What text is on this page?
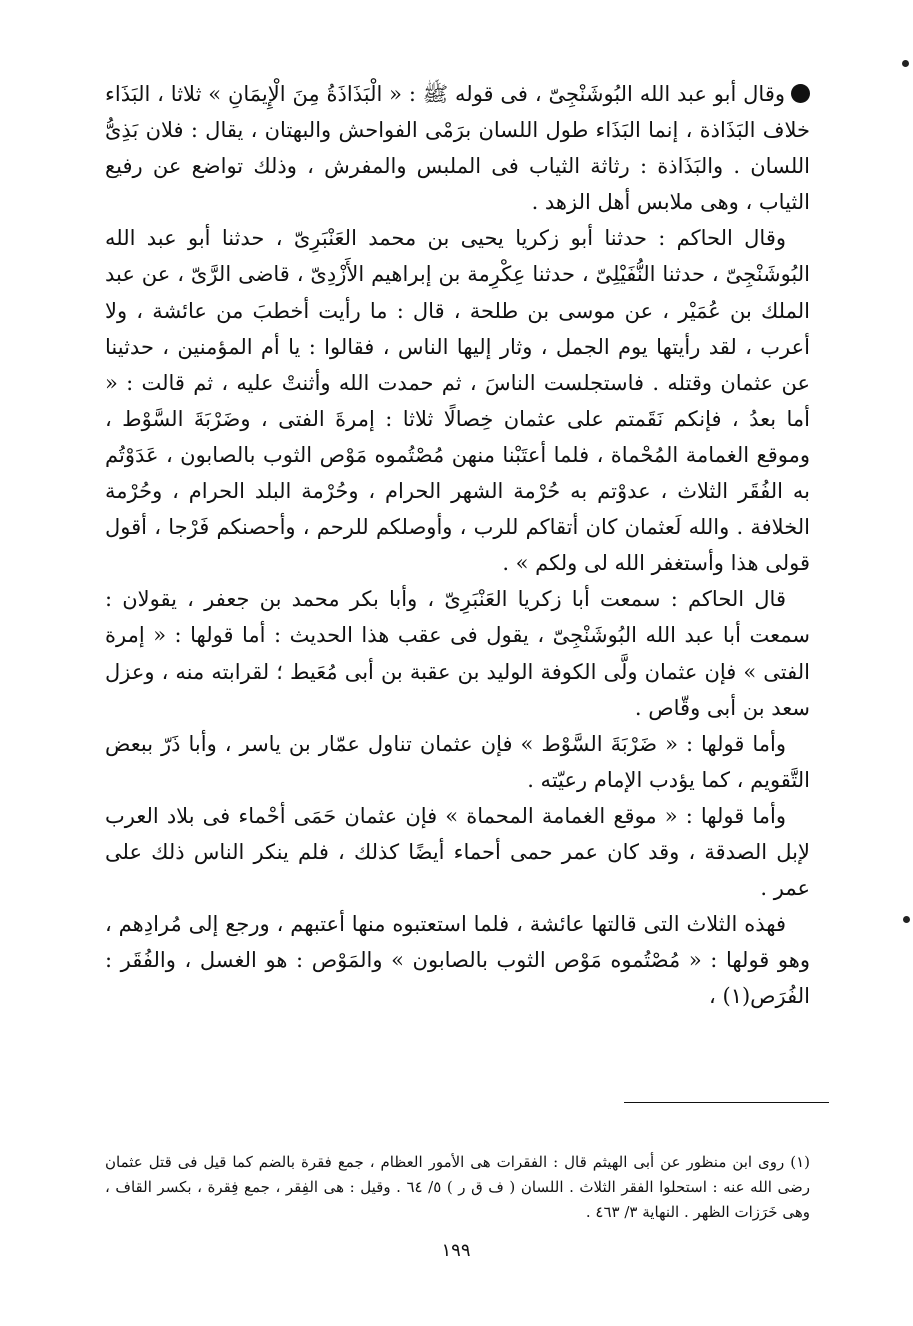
وقال أبو عبد الله البُوشَنْجِىّ ، فى قوله ﷺ : « الْبَذَاذَةُ مِنَ الْإِيمَانِ » ثلاثا ، البَذَاء خلاف البَذَاذة ، إنما البَذَاء طول اللسان برَمْى الفواحش والبهتان ، يقال : فلان بَذِىُّ اللسان . والبَذَاذة : رثاثة الثياب فى الملبس والمفرش ، وذلك تواضع عن رفيع الثياب ، وهى ملابس أهل الزهد .

وقال الحاكم : حدثنا أبو زكريا يحيى بن محمد العَنْبَرِىّ ، حدثنا أبو عبد الله البُوشَنْجِىّ ، حدثنا النُّفَيْلِىّ ، حدثنا عِكْرِمة بن إبراهيم الأَزْدِىّ ، قاضى الرَّىّ ، عن عبد الملك بن عُمَيْر ، عن موسى بن طلحة ، قال : ما رأيت أخطبَ من عائشة ، ولا أعرب ، لقد رأيتها يوم الجمل ، وثار إليها الناس ، فقالوا : يا أم المؤمنين ، حدثينا عن عثمان وقتله . فاستجلست الناسَ ، ثم حمدت الله وأثنتْ عليه ، ثم قالت : « أما بعدُ ، فإنكم نَقَمتم على عثمان خِصالًا ثلاثا : إمرةَ الفتى ، وضَرْبَةَ السَّوْط ، وموقع الغمامة المُحْماة ، فلما أعتَبْنا منهن مُصْتُموه مَوْص الثوب بالصابون ، عَدَوْتُم به الفُقَر الثلاث ، عدوْتم به حُرْمة الشهر الحرام ، وحُرْمة البلد الحرام ، وحُرْمة الخلافة . والله لَعثمان كان أتقاكم للرب ، وأوصلكم للرحم ، وأحصنكم فَرْجا ، أقول قولى هذا وأستغفر الله لى ولكم » .

قال الحاكم : سمعت أبا زكريا العَنْبَرِىّ ، وأبا بكر محمد بن جعفر ، يقولان : سمعت أبا عبد الله البُوشَنْجِىّ ، يقول فى عقب هذا الحديث : أما قولها : « إمرة الفتى » فإن عثمان ولَّى الكوفة الوليد بن عقبة بن أبى مُعَيط ؛ لقرابته منه ، وعزل سعد بن أبى وقّاص .

وأما قولها : « ضَرْبَةَ السَّوْط » فإن عثمان تناول عمّار بن ياسر ، وأبا ذَرّ ببعض التَّقويم ، كما يؤدب الإمام رعيّته .

وأما قولها : « موقع الغمامة المحماة » فإن عثمان حَمَى أحْماء فى بلاد العرب لإبل الصدقة ، وقد كان عمر حمى أحماء أيضًا كذلك ، فلم ينكر الناس ذلك على عمر .

فهذه الثلاث التى قالتها عائشة ، فلما استعتبوه منها أعتبهم ، ورجع إلى مُرادِهم ، وهو قولها : « مُصْتُموه مَوْص الثوب بالصابون » والمَوْص : هو الغسل ، والفُقَر : الفُرَص(١) ،

(١) روى ابن منظور عن أبى الهيثم قال : الفقرات هى الأمور العظام ، جمع فقرة بالضم كما قيل فى قتل عثمان رضى الله عنه : استحلوا الفقر الثلاث . اللسان ( ف ق ر ) ٥/ ٦٤ . وقيل : هى الفِقر ، جمع فِقرة ، بكسر القاف ، وهى خَرَزات الظهر . النهاية ٣/ ٤٦٣ .

١٩٩
